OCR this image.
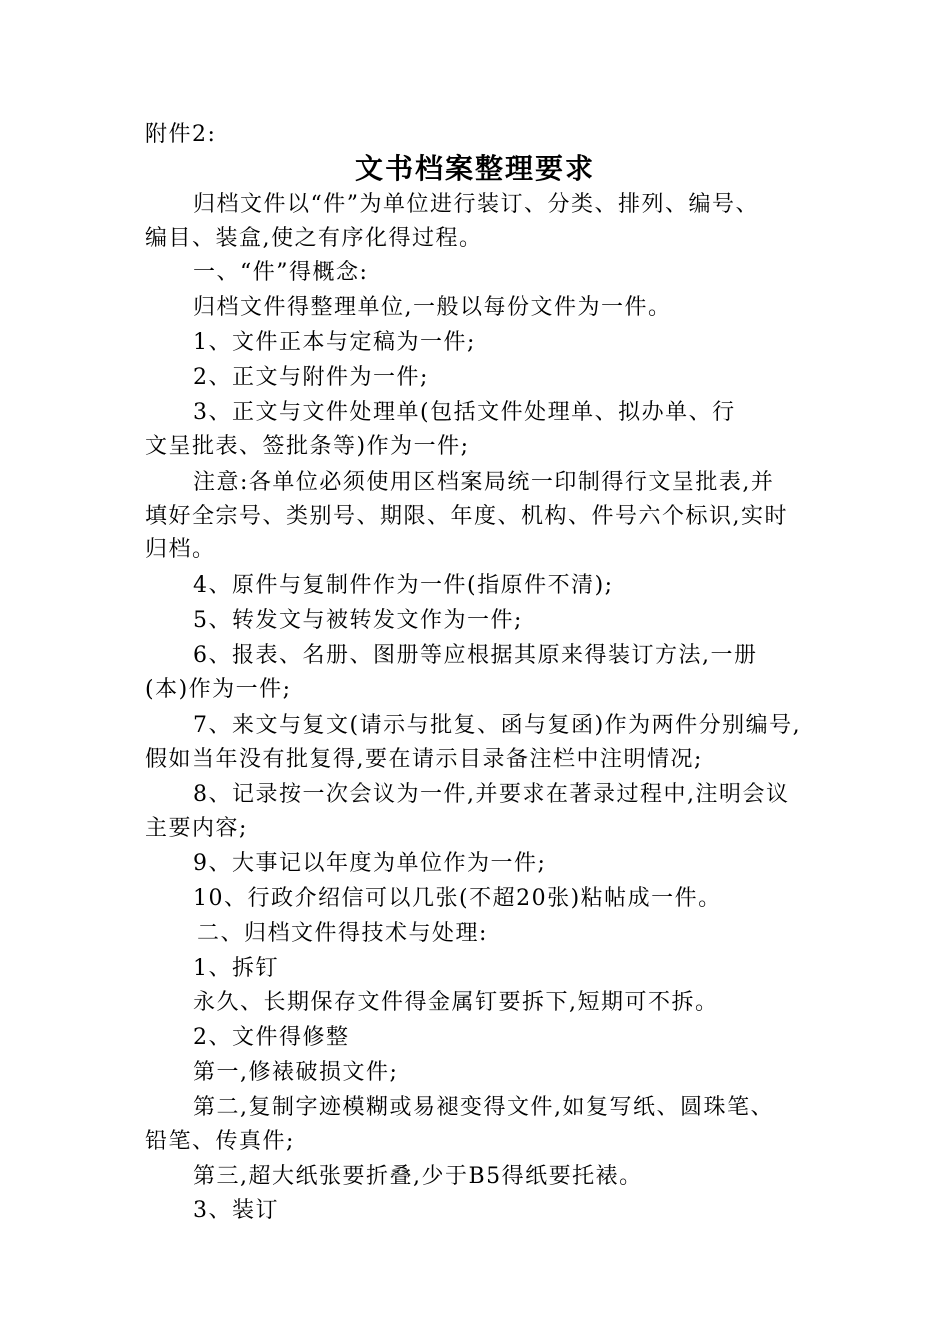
附件2:
文书档案整理要求
归档文件以“件”为单位进行装订、分类、排列、编号、
编目、装盒,使之有序化得过程。
一、“件”得概念:
归档文件得整理单位,一般以每份文件为一件。
1、文件正本与定稿为一件;
2、正文与附件为一件;
3、正文与文件处理单(包括文件处理单、拟办单、行
文呈批表、签批条等)作为一件;
注意:各单位必须使用区档案局统一印制得行文呈批表,并
填好全宗号、类别号、期限、年度、机构、件号六个标识,实时
归档。
4、原件与复制件作为一件(指原件不清);
5、转发文与被转发文作为一件;
6、报表、名册、图册等应根据其原来得装订方法,一册
(本)作为一件;
7、来文与复文(请示与批复、函与复函)作为两件分别编号,
假如当年没有批复得,要在请示目录备注栏中注明情况;
8、记录按一次会议为一件,并要求在著录过程中,注明会议
主要内容;
9、大事记以年度为单位作为一件;
10、行政介绍信可以几张(不超20张)粘帖成一件。
二、归档文件得技术与处理:
1、拆钉
永久、长期保存文件得金属钉要拆下,短期可不拆。
2、文件得修整
第一,修裱破损文件;
第二,复制字迹模糊或易褪变得文件,如复写纸、圆珠笔、
铅笔、传真件;
第三,超大纸张要折叠,少于B5得纸要托裱。
3、装订
